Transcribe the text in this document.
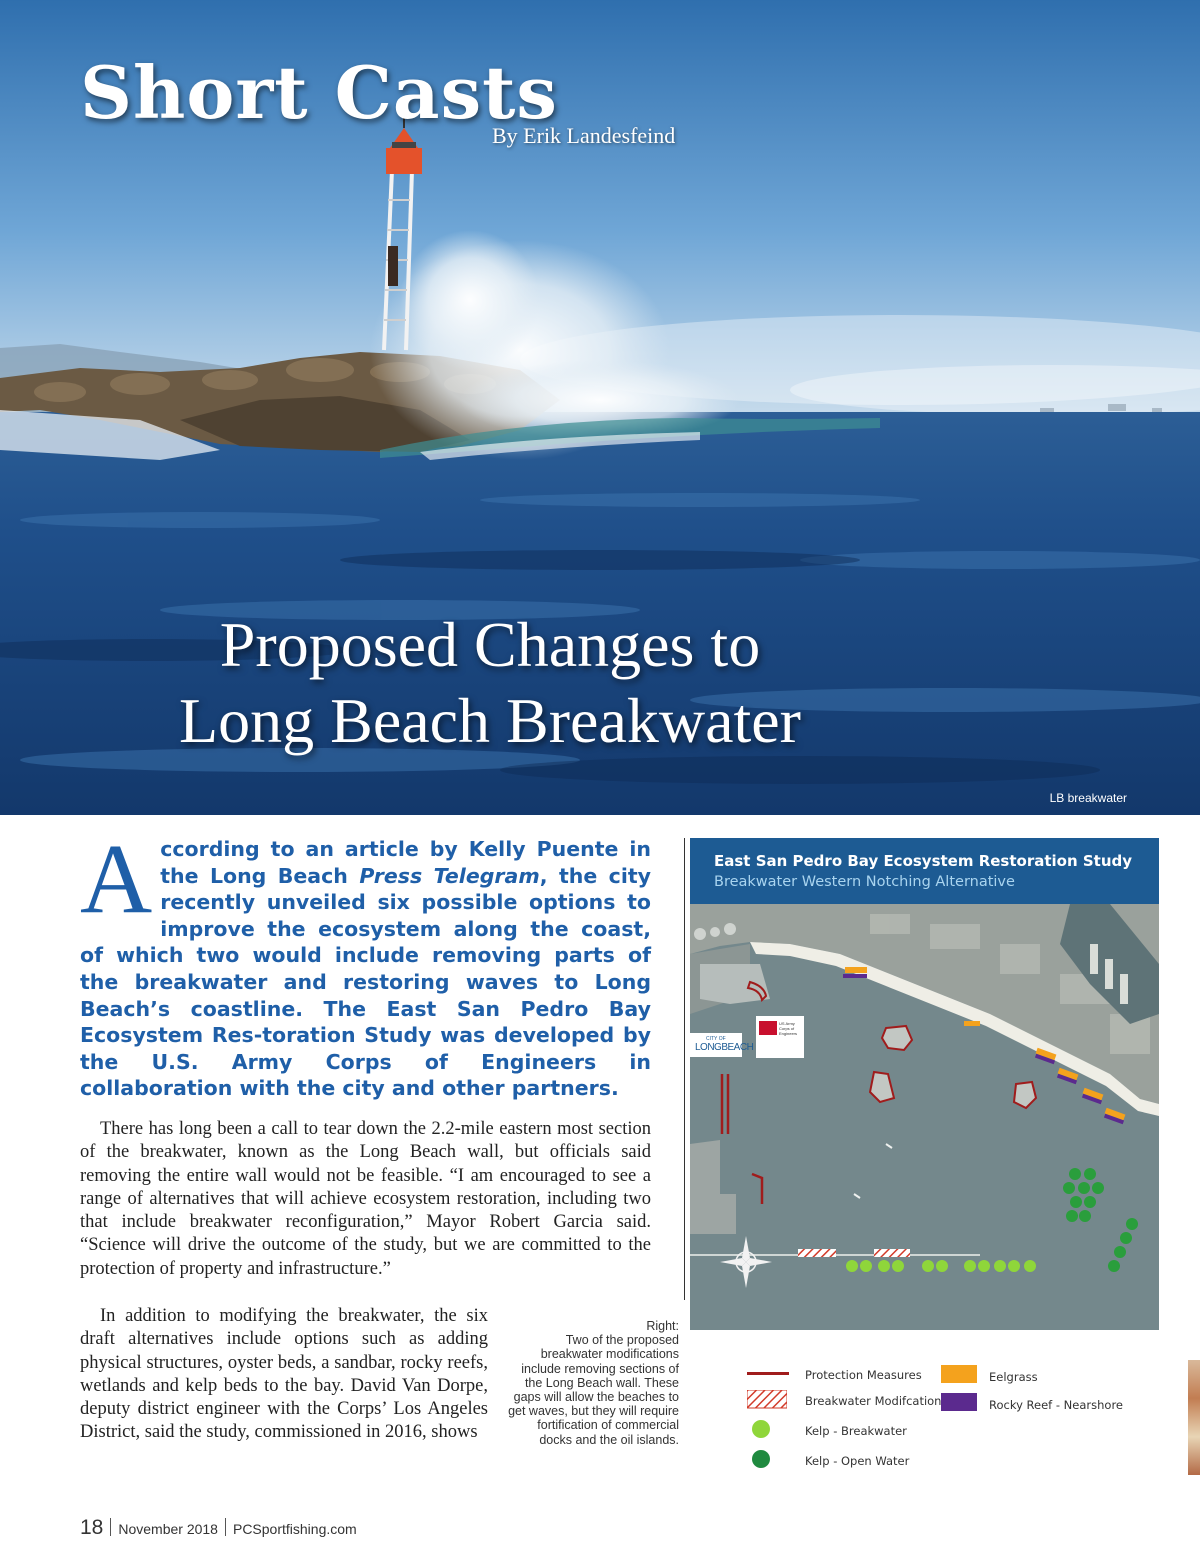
Short Casts
By Erik Landesfeind
Proposed Changes to
Long Beach Breakwater
LB breakwater

According to an article by Kelly Puente in the Long Beach Press Telegram, the city recently unveiled six possible options to improve the ecosystem along the coast, of which two would include removing parts of the breakwater and restoring waves to Long Beach’s coastline. The East San Pedro Bay Ecosystem Res-toration Study was developed by the U.S. Army Corps of Engineers in collaboration with the city and other partners.

There has long been a call to tear down the 2.2-mile eastern most section of the breakwater, known as the Long Beach wall, but officials said removing the entire wall would not be feasible. “I am encouraged to see a range of alternatives that will achieve ecosystem restoration, including two that include breakwater reconfiguration,” Mayor Robert Garcia said. “Science will drive the outcome of the study, but we are committed to the protection of property and infrastructure.”

In addition to modifying the breakwater, the six draft alternatives include options such as adding physical structures, oyster beds, a sandbar, rocky reefs, wetlands and kelp beds to the bay. David Van Dorpe, deputy district engineer with the Corps’ Los Angeles District, said the study, commissioned in 2016, shows

Right:
Two of the proposed breakwater modifications include removing sections of the Long Beach wall. These gaps will allow the beaches to get waves, but they will require fortification of commercial docks and the oil islands.
East San Pedro Bay Ecosystem Restoration Study
Breakwater Western Notching Alternative
CITY OF
LONGBEACH
US Army Corps of Engineers
Protection Measures
Breakwater Modifcation
Kelp - Breakwater
Kelp - Open Water
Eelgrass
Rocky Reef - Nearshore
18 November 2018 PCSportfishing.com
